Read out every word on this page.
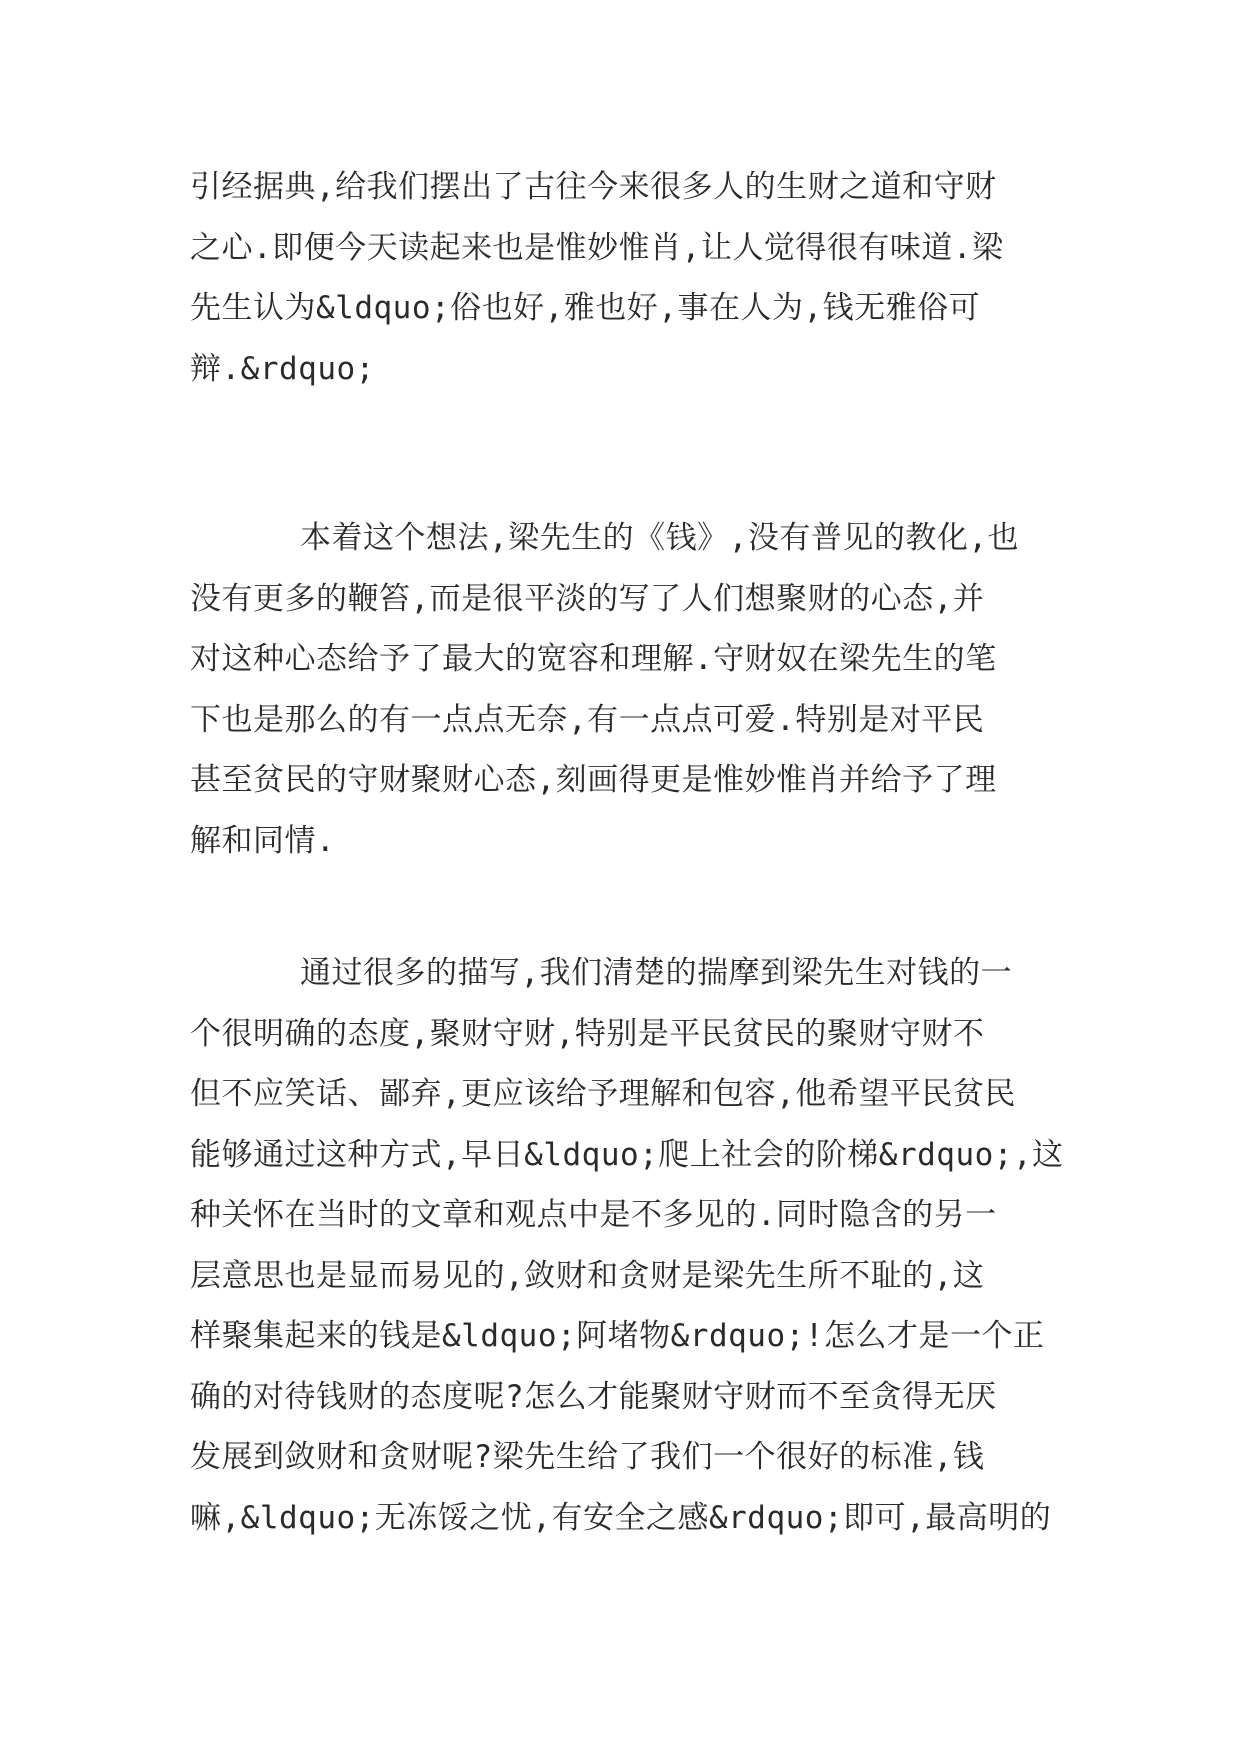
引经据典,给我们摆出了古往今来很多人的生财之道和守财
之心.即便今天读起来也是惟妙惟肖,让人觉得很有味道.梁
先生认为&ldquo;俗也好,雅也好,事在人为,钱无雅俗可
辩.&rdquo;
本着这个想法,梁先生的《钱》,没有普见的教化,也
没有更多的鞭笞,而是很平淡的写了人们想聚财的心态,并
对这种心态给予了最大的宽容和理解.守财奴在梁先生的笔
下也是那么的有一点点无奈,有一点点可爱.特别是对平民
甚至贫民的守财聚财心态,刻画得更是惟妙惟肖并给予了理
解和同情.
通过很多的描写,我们清楚的揣摩到梁先生对钱的一
个很明确的态度,聚财守财,特别是平民贫民的聚财守财不
但不应笑话、鄙弃,更应该给予理解和包容,他希望平民贫民
能够通过这种方式,早日&ldquo;爬上社会的阶梯&rdquo;,这
种关怀在当时的文章和观点中是不多见的.同时隐含的另一
层意思也是显而易见的,敛财和贪财是梁先生所不耻的,这
样聚集起来的钱是&ldquo;阿堵物&rdquo;!怎么才是一个正
确的对待钱财的态度呢?怎么才能聚财守财而不至贪得无厌
发展到敛财和贪财呢?梁先生给了我们一个很好的标准,钱
嘛,&ldquo;无冻馁之忧,有安全之感&rdquo;即可,最高明的
